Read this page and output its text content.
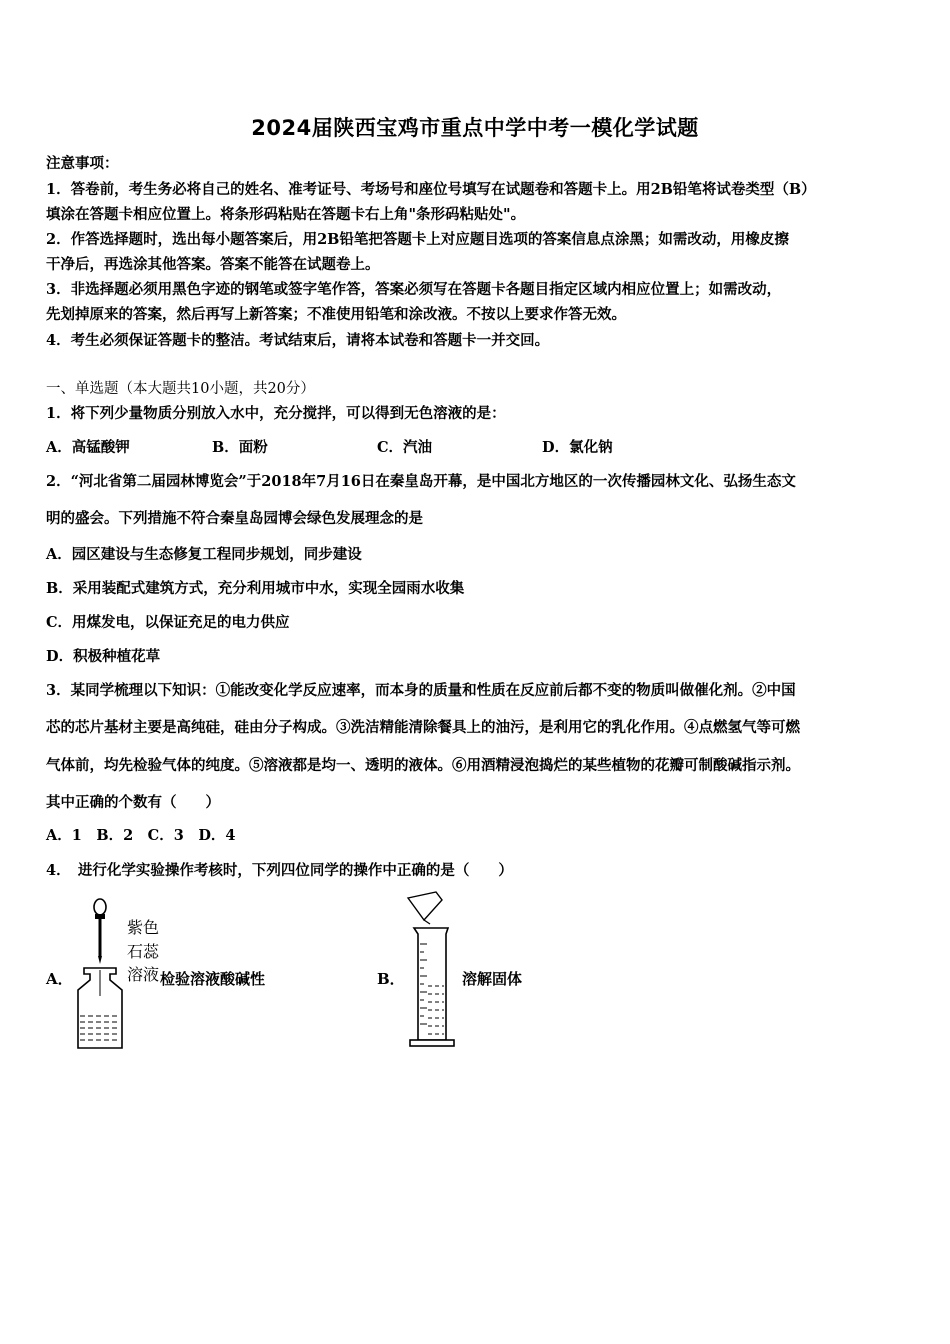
2024届陕西宝鸡市重点中学中考一模化学试题
注意事项：
1．答卷前，考生务必将自己的姓名、准考证号、考场号和座位号填写在试题卷和答题卡上。用2B铅笔将试卷类型（B）
填涂在答题卡相应位置上。将条形码粘贴在答题卡右上角"条形码粘贴处"。
2．作答选择题时，选出每小题答案后，用2B铅笔把答题卡上对应题目选项的答案信息点涂黑；如需改动，用橡皮擦
干净后，再选涂其他答案。答案不能答在试题卷上。
3．非选择题必须用黑色字迹的钢笔或签字笔作答，答案必须写在答题卡各题目指定区域内相应位置上；如需改动，
先划掉原来的答案，然后再写上新答案；不准使用铅笔和涂改液。不按以上要求作答无效。
4．考生必须保证答题卡的整洁。考试结束后，请将本试卷和答题卡一并交回。
一、单选题（本大题共10小题，共20分）
1．将下列少量物质分别放入水中，充分搅拌，可以得到无色溶液的是：
A．高锰酸钾	B．面粉	C．汽油	D．氯化钠
2．“河北省第二届园林博览会”于2018年7月16日在秦皇岛开幕，是中国北方地区的一次传播园林文化、弘扬生态文
明的盛会。下列措施不符合秦皇岛园博会绿色发展理念的是
A．园区建设与生态修复工程同步规划，同步建设
B．采用装配式建筑方式，充分利用城市中水，实现全园雨水收集
C．用煤发电，以保证充足的电力供应
D．积极种植花草
3．某同学梳理以下知识：①能改变化学反应速率，而本身的质量和性质在反应前后都不变的物质叫做催化剂。②中国
芯的芯片基材主要是高纯硅，硅由分子构成。③洗洁精能清除餐具上的油污，是利用它的乳化作用。④点燃氢气等可燃
气体前，均先检验气体的纯度。⑤溶液都是均一、透明的液体。⑥用酒精浸泡捣烂的某些植物的花瓣可制酸碱指示剂。
其中正确的个数有（　　）
A．1　B．2　C．3　D．4
4．　进行化学实验操作考核时，下列四位同学的操作中正确的是（　　）
A．
紫色
石蕊
溶液 检验溶液酸碱性	B．	溶解固体
